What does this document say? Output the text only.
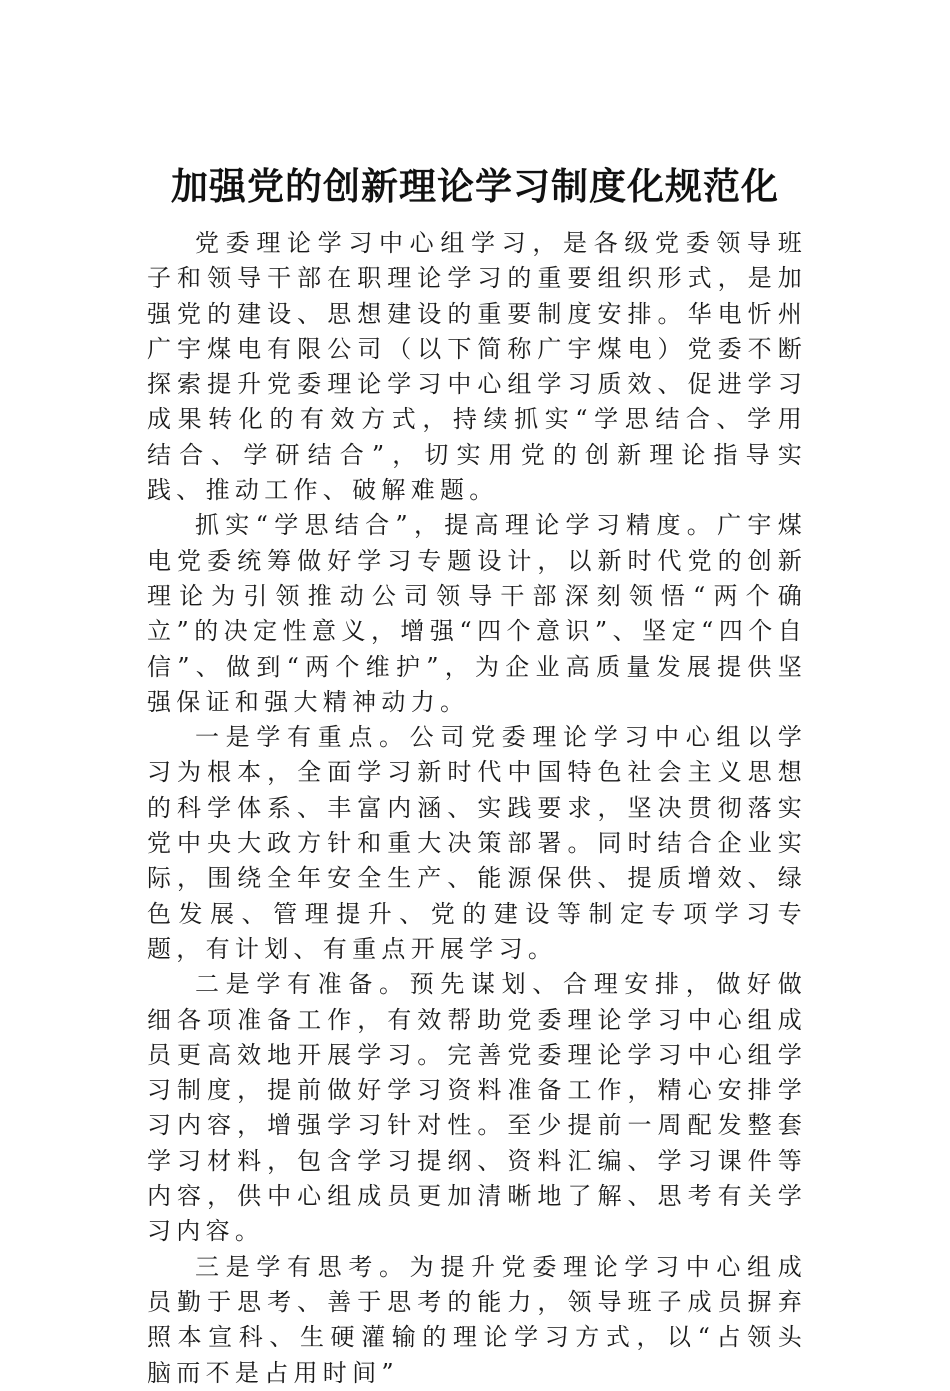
加强党的创新理论学习制度化规范化

党委理论学习中心组学习，是各级党委领导班子和领导干部在职理论学习的重要组织形式，是加强党的建设、思想建设的重要制度安排。华电忻州广宇煤电有限公司（以下简称广宇煤电）党委不断探索提升党委理论学习中心组学习质效、促进学习成果转化的有效方式，持续抓实“学思结合、学用结合、学研结合”，切实用党的创新理论指导实践、推动工作、破解难题。

抓实“学思结合”，提高理论学习精度。广宇煤电党委统筹做好学习专题设计，以新时代党的创新理论为引领推动公司领导干部深刻领悟“两个确立”的决定性意义，增强“四个意识”、坚定“四个自信”、做到“两个维护”，为企业高质量发展提供坚强保证和强大精神动力。

一是学有重点。公司党委理论学习中心组以学习为根本，全面学习新时代中国特色社会主义思想的科学体系、丰富内涵、实践要求，坚决贯彻落实党中央大政方针和重大决策部署。同时结合企业实际，围绕全年安全生产、能源保供、提质增效、绿色发展、管理提升、党的建设等制定专项学习专题，有计划、有重点开展学习。

二是学有准备。预先谋划、合理安排，做好做细各项准备工作，有效帮助党委理论学习中心组成员更高效地开展学习。完善党委理论学习中心组学习制度，提前做好学习资料准备工作，精心安排学习内容，增强学习针对性。至少提前一周配发整套学习材料，包含学习提纲、资料汇编、学习课件等内容，供中心组成员更加清晰地了解、思考有关学习内容。

三是学有思考。为提升党委理论学习中心组成员勤于思考、善于思考的能力，领导班子成员摒弃照本宣科、生硬灌输的理论学习方式，以“占领头脑而不是占用时间”
